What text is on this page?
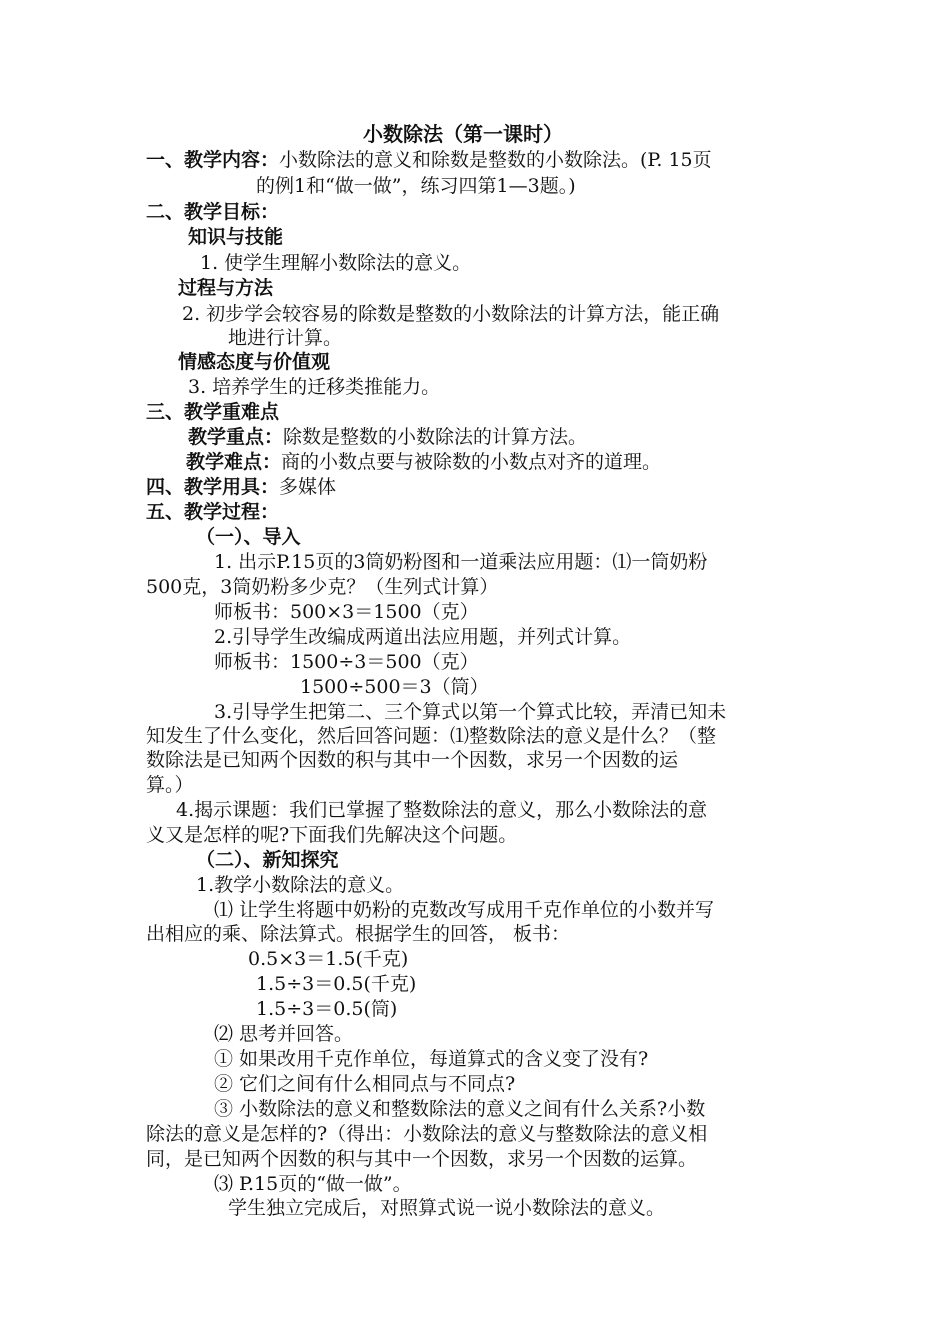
小数除法（第一课时）
一、教学内容：小数除法的意义和除数是整数的小数除法。(P. 15页
的例1和“做一做”，练习四第1—3题。)
二、教学目标：
知识与技能
1. 使学生理解小数除法的意义。
过程与方法
2. 初步学会较容易的除数是整数的小数除法的计算方法，能正确
地进行计算。
情感态度与价值观
3. 培养学生的迁移类推能力。
三、教学重难点
教学重点：除数是整数的小数除法的计算方法。
教学难点：商的小数点要与被除数的小数点对齐的道理。
四、教学用具：多媒体
五、教学过程：
（一）、导入
1. 出示P.15页的3筒奶粉图和一道乘法应用题：⑴一筒奶粉
500克，3筒奶粉多少克？（生列式计算）
师板书：500×3＝1500（克）
2.引导学生改编成两道出法应用题，并列式计算。
师板书：1500÷3＝500（克）
1500÷500＝3（筒）
3.引导学生把第二、三个算式以第一个算式比较，弄清已知未
知发生了什么变化，然后回答问题：⑴整数除法的意义是什么？（整
数除法是已知两个因数的积与其中一个因数，求另一个因数的运
算。）
4.揭示课题：我们已掌握了整数除法的意义，那么小数除法的意
义又是怎样的呢?下面我们先解决这个问题。
（二）、新知探究
1.教学小数除法的意义。
⑴ 让学生将题中奶粉的克数改写成用千克作单位的小数并写
出相应的乘、除法算式。根据学生的回答， 板书：
0.5×3＝1.5(千克)
1.5÷3＝0.5(千克)
1.5÷3＝0.5(筒)
⑵ 思考并回答。
① 如果改用千克作单位，每道算式的含义变了没有?
② 它们之间有什么相同点与不同点?
③ 小数除法的意义和整数除法的意义之间有什么关系?小数
除法的意义是怎样的?（得出：小数除法的意义与整数除法的意义相
同，是已知两个因数的积与其中一个因数，求另一个因数的运算。
⑶ P.15页的“做一做”。
学生独立完成后，对照算式说一说小数除法的意义。
